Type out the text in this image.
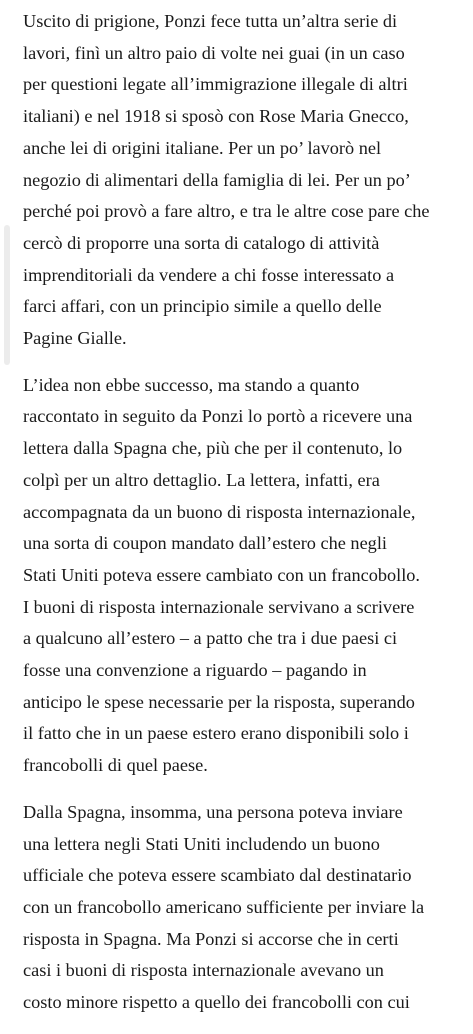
Uscito di prigione, Ponzi fece tutta un’altra serie di
lavori, finì un altro paio di volte nei guai (in un caso
per questioni legate all’immigrazione illegale di altri
italiani) e nel 1918 si sposò con Rose Maria Gnecco,
anche lei di origini italiane. Per un po’ lavorò nel
negozio di alimentari della famiglia di lei. Per un po’
perché poi provò a fare altro, e tra le altre cose pare che
cercò di proporre una sorta di catalogo di attività
imprenditoriali da vendere a chi fosse interessato a
farci affari, con un principio simile a quello delle
Pagine Gialle.

L’idea non ebbe successo, ma stando a quanto
raccontato in seguito da Ponzi lo portò a ricevere una
lettera dalla Spagna che, più che per il contenuto, lo
colpì per un altro dettaglio. La lettera, infatti, era
accompagnata da un buono di risposta internazionale,
una sorta di coupon mandato dall’estero che negli
Stati Uniti poteva essere cambiato con un francobollo.
I buoni di risposta internazionale servivano a scrivere
a qualcuno all’estero – a patto che tra i due paesi ci
fosse una convenzione a riguardo – pagando in
anticipo le spese necessarie per la risposta, superando
il fatto che in un paese estero erano disponibili solo i
francobolli di quel paese.

Dalla Spagna, insomma, una persona poteva inviare
una lettera negli Stati Uniti includendo un buono
ufficiale che poteva essere scambiato dal destinatario
con un francobollo americano sufficiente per inviare la
risposta in Spagna. Ma Ponzi si accorse che in certi
casi i buoni di risposta internazionale avevano un
costo minore rispetto a quello dei francobolli con cui
